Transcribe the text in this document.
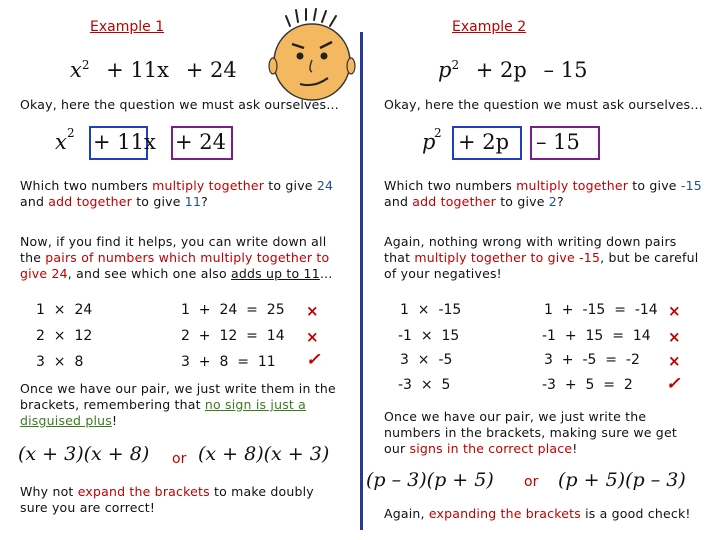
Example 1
$x^2 + 11x + 24$
Okay, here the question we must ask ourselves…
x 2 + 11x + 24
Which two numbers multiply together to give 24 and add together to give 11?
Now, if you find it helps, you can write down all the pairs of numbers which multiply together to give 24, and see which one also adds up to 11…
1  ×  24	1  +  24  =  25 ×
2  ×  12	2  +  12  =  14 ×
3  ×  8	3  +  8  =  11 ✓
Once we have our pair, we just write them in the brackets, remembering that no sign is just a disguised plus!
(x + 3)(x + 8) or (x + 8)(x + 3)
Why not expand the brackets to make doubly sure you are correct!
Example 2
$p^2 + 2p - 15$
Okay, here the question we must ask ourselves…
p
2 + 2p – 15
Which two numbers multiply together to give -15 and add together to give 2?
Again, nothing wrong with writing down pairs that multiply together to give -15, but be careful of your negatives!
1  ×  -15	1  +  -15  =  -14 ×
-1  ×  15	-1  +  15  =  14 ×
3  ×  -5	3  +  -5  =  -2 ×
-3  ×  5	-3  +  5  =  2 ✓
Once we have our pair, we just write the numbers in the brackets, making sure we get our signs in the correct place!
(p – 3)(p + 5) or (p + 5)(p – 3)
Again, expanding the brackets is a good check!
